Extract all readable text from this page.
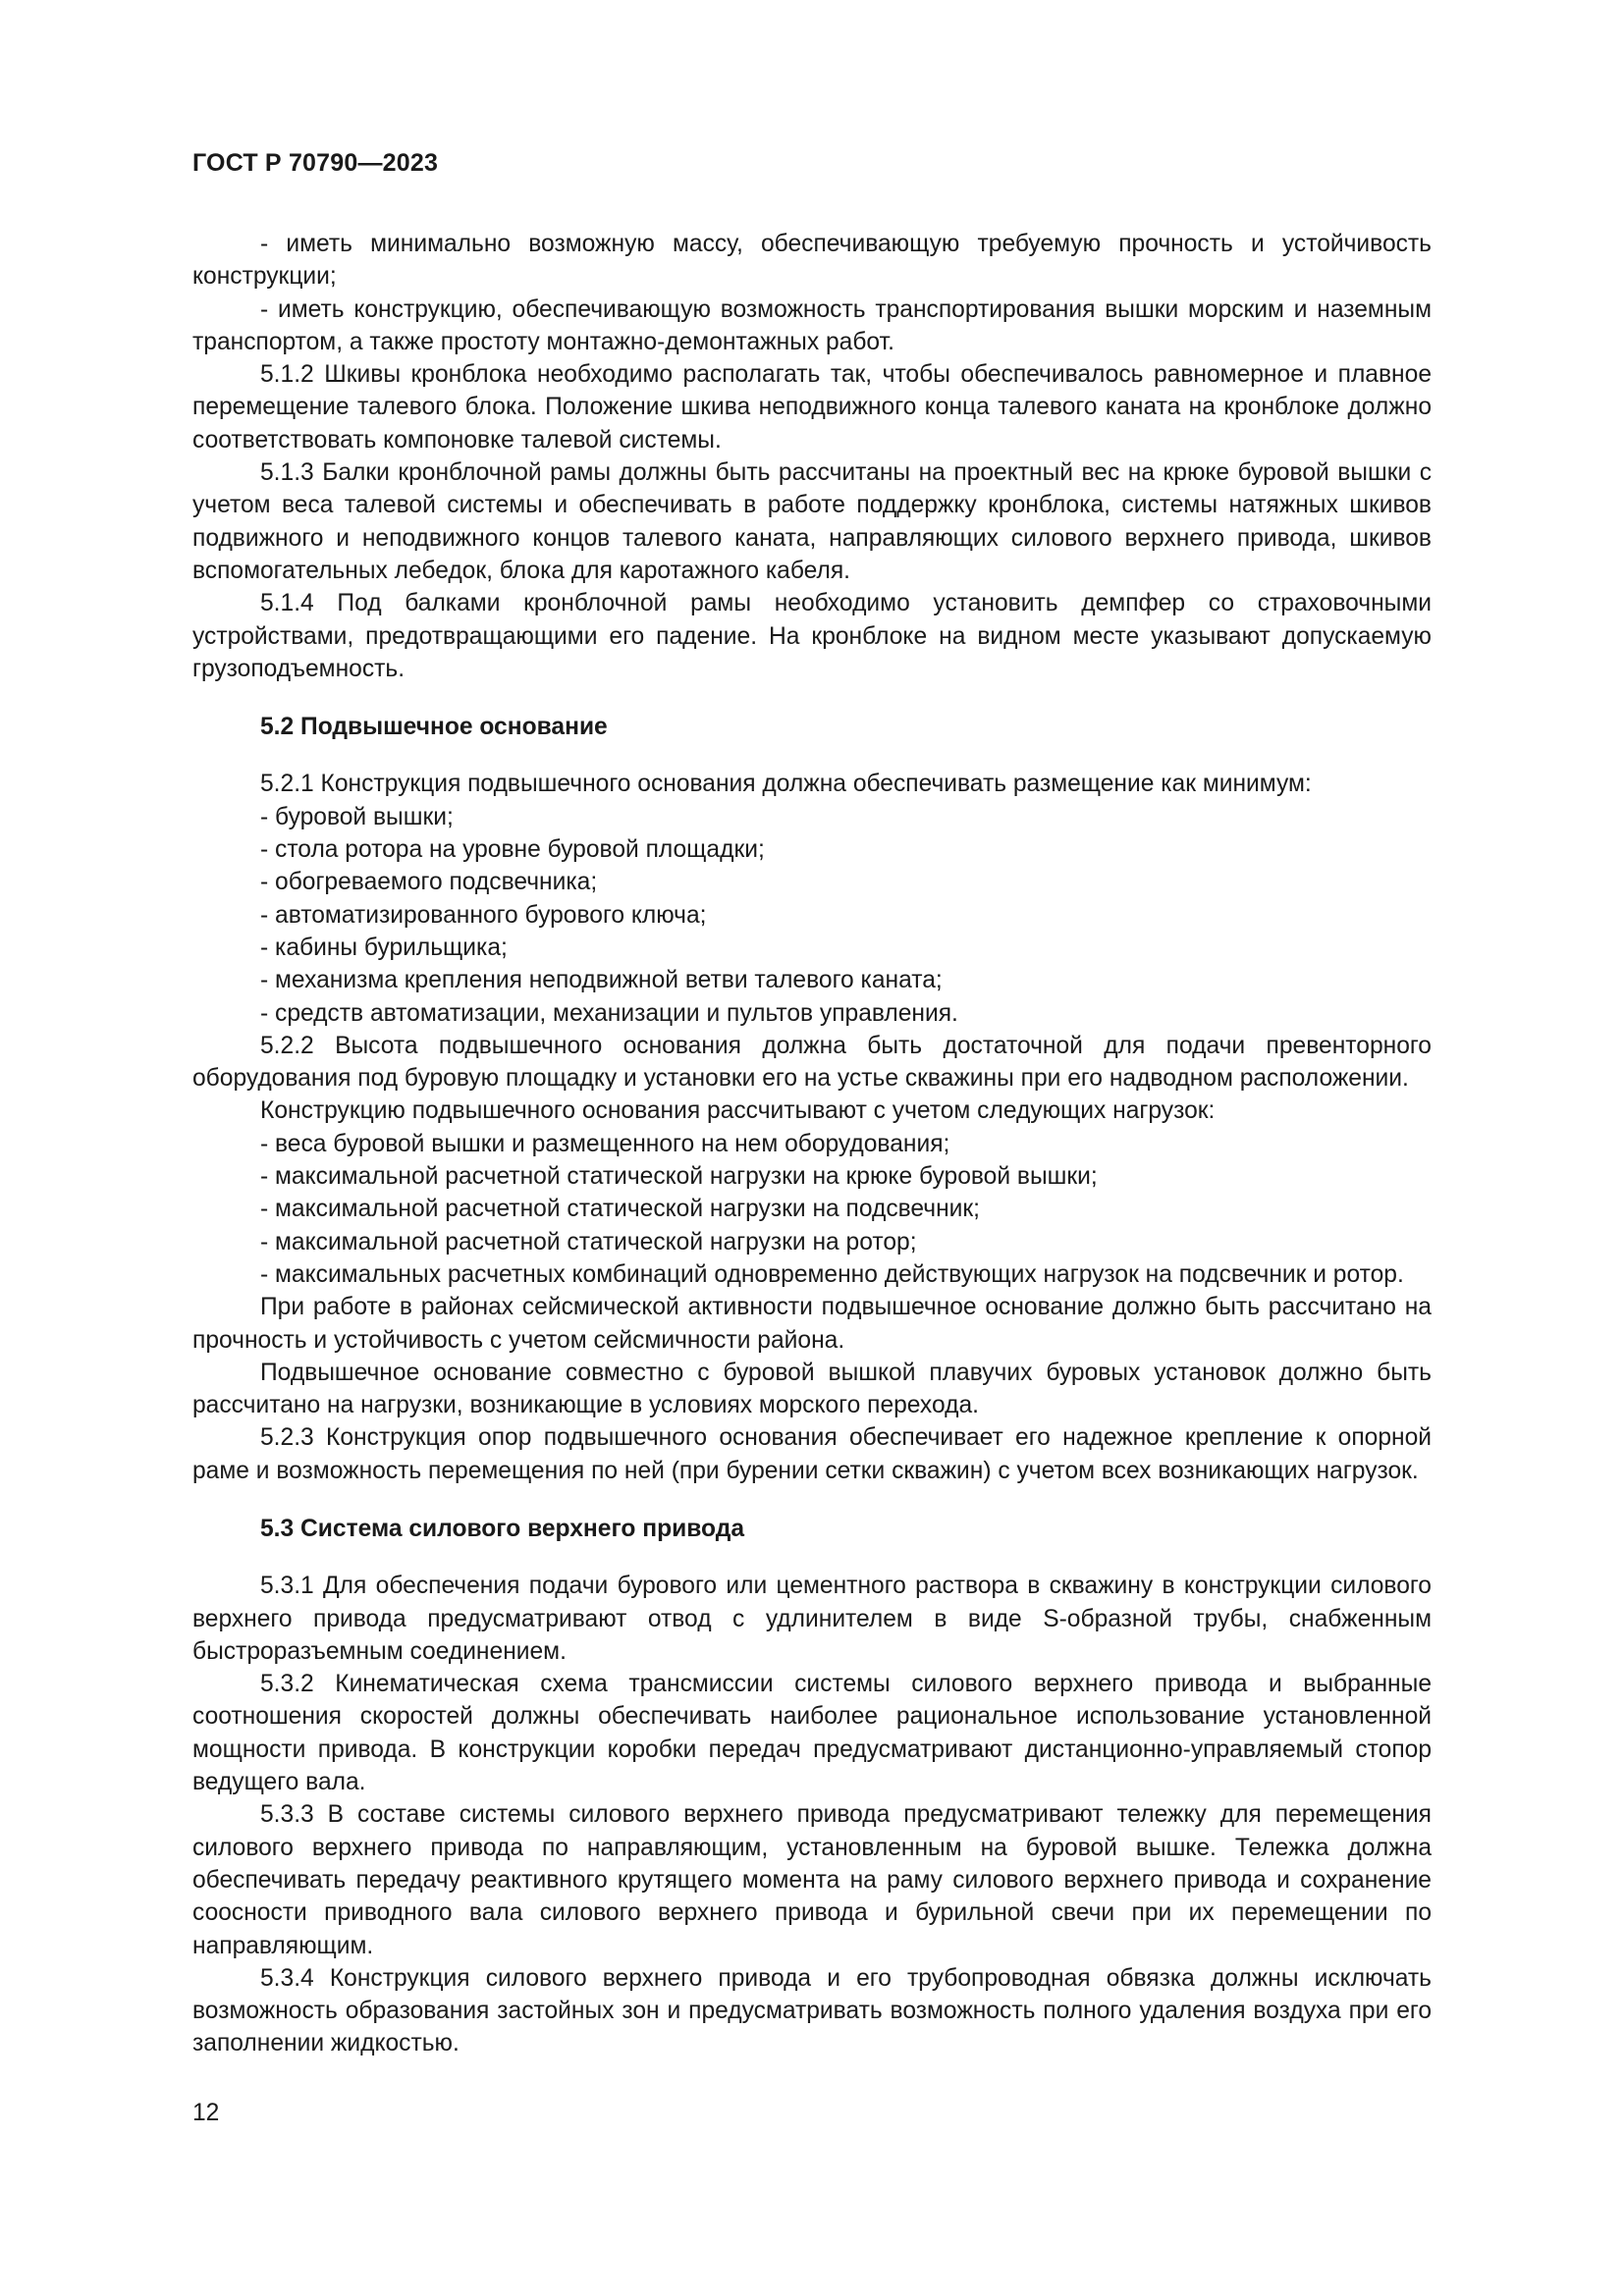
ГОСТ Р 70790—2023

- иметь минимально возможную массу, обеспечивающую требуемую прочность и устойчивость конструкции;

- иметь конструкцию, обеспечивающую возможность транспортирования вышки морским и наземным транспортом, а также простоту монтажно-демонтажных работ.

5.1.2 Шкивы кронблока необходимо располагать так, чтобы обеспечивалось равномерное и плавное перемещение талевого блока. Положение шкива неподвижного конца талевого каната на кронблоке должно соответствовать компоновке талевой системы.

5.1.3 Балки кронблочной рамы должны быть рассчитаны на проектный вес на крюке буровой вышки с учетом веса талевой системы и обеспечивать в работе поддержку кронблока, системы натяжных шкивов подвижного и неподвижного концов талевого каната, направляющих силового верхнего привода, шкивов вспомогательных лебедок, блока для каротажного кабеля.

5.1.4 Под балками кронблочной рамы необходимо установить демпфер со страховочными устройствами, предотвращающими его падение. На кронблоке на видном месте указывают допускаемую грузоподъемность.

5.2 Подвышечное основание

5.2.1 Конструкция подвышечного основания должна обеспечивать размещение как минимум:

- буровой вышки;

- стола ротора на уровне буровой площадки;

- обогреваемого подсвечника;

- автоматизированного бурового ключа;

- кабины бурильщика;

- механизма крепления неподвижной ветви талевого каната;

- средств автоматизации, механизации и пультов управления.

5.2.2 Высота подвышечного основания должна быть достаточной для подачи превенторного оборудования под буровую площадку и установки его на устье скважины при его надводном расположении.

Конструкцию подвышечного основания рассчитывают с учетом следующих нагрузок:

- веса буровой вышки и размещенного на нем оборудования;

- максимальной расчетной статической нагрузки на крюке буровой вышки;

- максимальной расчетной статической нагрузки на подсвечник;

- максимальной расчетной статической нагрузки на ротор;

- максимальных расчетных комбинаций одновременно действующих нагрузок на подсвечник и ротор.

При работе в районах сейсмической активности подвышечное основание должно быть рассчитано на прочность и устойчивость с учетом сейсмичности района.

Подвышечное основание совместно с буровой вышкой плавучих буровых установок должно быть рассчитано на нагрузки, возникающие в условиях морского перехода.

5.2.3 Конструкция опор подвышечного основания обеспечивает его надежное крепление к опорной раме и возможность перемещения по ней (при бурении сетки скважин) с учетом всех возникающих нагрузок.

5.3 Система силового верхнего привода

5.3.1 Для обеспечения подачи бурового или цементного раствора в скважину в конструкции силового верхнего привода предусматривают отвод с удлинителем в виде S-образной трубы, снабженным быстроразъемным соединением.

5.3.2 Кинематическая схема трансмиссии системы силового верхнего привода и выбранные соотношения скоростей должны обеспечивать наиболее рациональное использование установленной мощности привода. В конструкции коробки передач предусматривают дистанционно-управляемый стопор ведущего вала.

5.3.3 В составе системы силового верхнего привода предусматривают тележку для перемещения силового верхнего привода по направляющим, установленным на буровой вышке. Тележка должна обеспечивать передачу реактивного крутящего момента на раму силового верхнего привода и сохранение соосности приводного вала силового верхнего привода и бурильной свечи при их перемещении по направляющим.

5.3.4 Конструкция силового верхнего привода и его трубопроводная обвязка должны исключать возможность образования застойных зон и предусматривать возможность полного удаления воздуха при его заполнении жидкостью.

12
